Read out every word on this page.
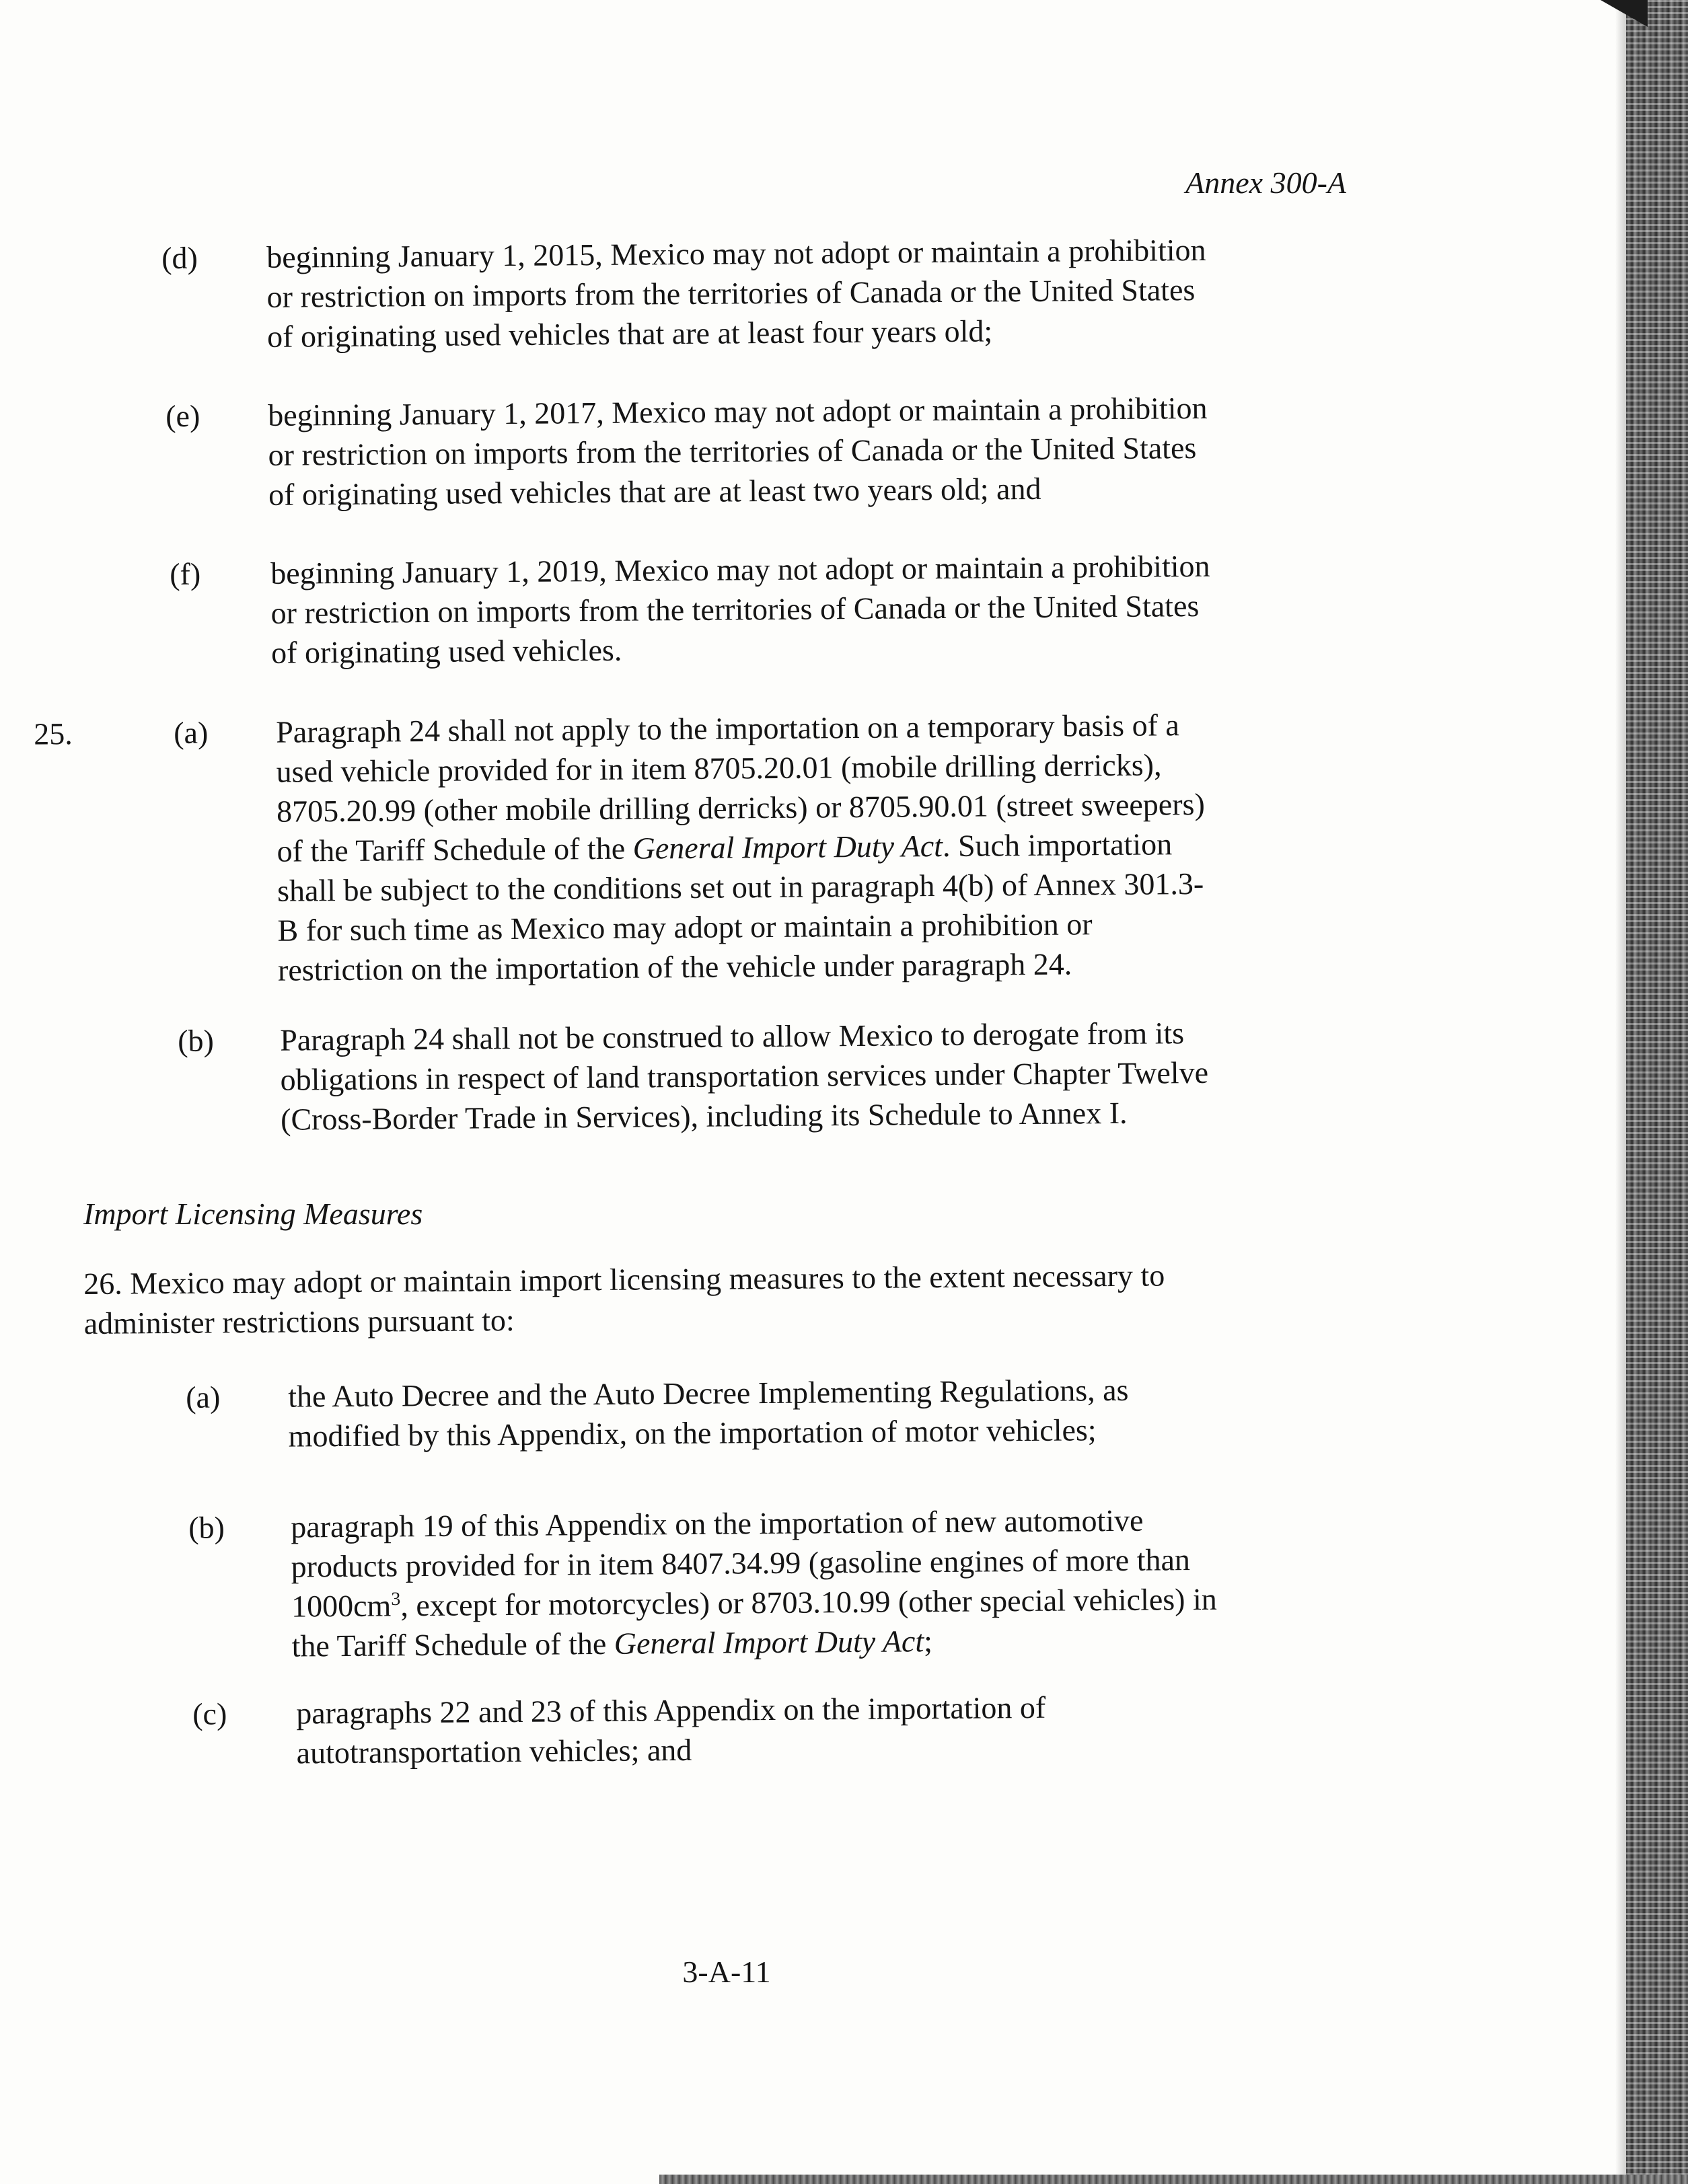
Annex 300-A
(d) beginning January 1, 2015, Mexico may not adopt or maintain a prohibition
or restriction on imports from the territories of Canada or the United States
of originating used vehicles that are at least four years old;
(e) beginning January 1, 2017, Mexico may not adopt or maintain a prohibition
or restriction on imports from the territories of Canada or the United States
of originating used vehicles that are at least two years old; and
(f) beginning January 1, 2019, Mexico may not adopt or maintain a prohibition
or restriction on imports from the territories of Canada or the United States
of originating used vehicles.
25.	(a) Paragraph 24 shall not apply to the importation on a temporary basis of a
used vehicle provided for in item 8705.20.01 (mobile drilling derricks),
8705.20.99 (other mobile drilling derricks) or 8705.90.01 (street sweepers)
of the Tariff Schedule of the General Import Duty Act. Such importation
shall be subject to the conditions set out in paragraph 4(b) of Annex 301.3-
B for such time as Mexico may adopt or maintain a prohibition or
restriction on the importation of the vehicle under paragraph 24.
(b) Paragraph 24 shall not be construed to allow Mexico to derogate from its
obligations in respect of land transportation services under Chapter Twelve
(Cross-Border Trade in Services), including its Schedule to Annex I.
Import Licensing Measures
26. Mexico may adopt or maintain import licensing measures to the extent necessary to
administer restrictions pursuant to:
(a) the Auto Decree and the Auto Decree Implementing Regulations, as
modified by this Appendix, on the importation of motor vehicles;
(b) paragraph 19 of this Appendix on the importation of new automotive
products provided for in item 8407.34.99 (gasoline engines of more than
$1000cm^3$, except for motorcycles) or 8703.10.99 (other special vehicles) in
the Tariff Schedule of the General Import Duty Act;
(c) paragraphs 22 and 23 of this Appendix on the importation of
autotransportation vehicles; and
3-A-11
